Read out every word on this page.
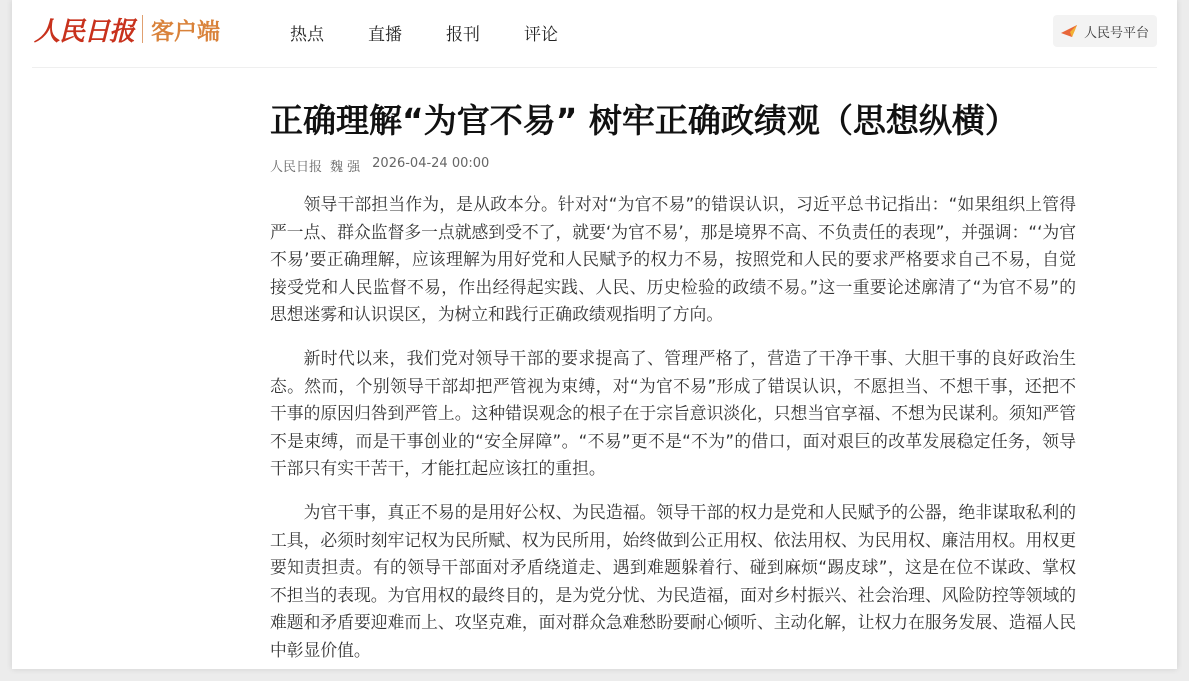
人民日报 客户端	热点	直播	报刊	评论	人民号平台
正确理解“为官不易” 树牢正确政绩观（思想纵横）
人民日报 魏 强 2026-04-24 00:00

领导干部担当作为，是从政本分。针对对“为官不易”的错误认识，习近平总书记指出：“如果组织上管得严一点、群众监督多一点就感到受不了，就要‘为官不易’，那是境界不高、不负责任的表现”，并强调：“‘为官不易’要正确理解，应该理解为用好党和人民赋予的权力不易，按照党和人民的要求严格要求自己不易，自觉接受党和人民监督不易，作出经得起实践、人民、历史检验的政绩不易。”这一重要论述廓清了“为官不易”的思想迷雾和认识误区，为树立和践行正确政绩观指明了方向。

新时代以来，我们党对领导干部的要求提高了、管理严格了，营造了干净干事、大胆干事的良好政治生态。然而，个别领导干部却把严管视为束缚，对“为官不易”形成了错误认识，不愿担当、不想干事，还把不干事的原因归咎到严管上。这种错误观念的根子在于宗旨意识淡化，只想当官享福、不想为民谋利。须知严管不是束缚，而是干事创业的“安全屏障”。“不易”更不是“不为”的借口，面对艰巨的改革发展稳定任务，领导干部只有实干苦干，才能扛起应该扛的重担。

为官干事，真正不易的是用好公权、为民造福。领导干部的权力是党和人民赋予的公器，绝非谋取私利的工具，必须时刻牢记权为民所赋、权为民所用，始终做到公正用权、依法用权、为民用权、廉洁用权。用权更要知责担责。有的领导干部面对矛盾绕道走、遇到难题躲着行、碰到麻烦“踢皮球”，这是在位不谋政、掌权不担当的表现。为官用权的最终目的，是为党分忧、为民造福，面对乡村振兴、社会治理、风险防控等领域的难题和矛盾要迎难而上、攻坚克难，面对群众急难愁盼要耐心倾听、主动化解，让权力在服务发展、造福人民中彰显价值。
